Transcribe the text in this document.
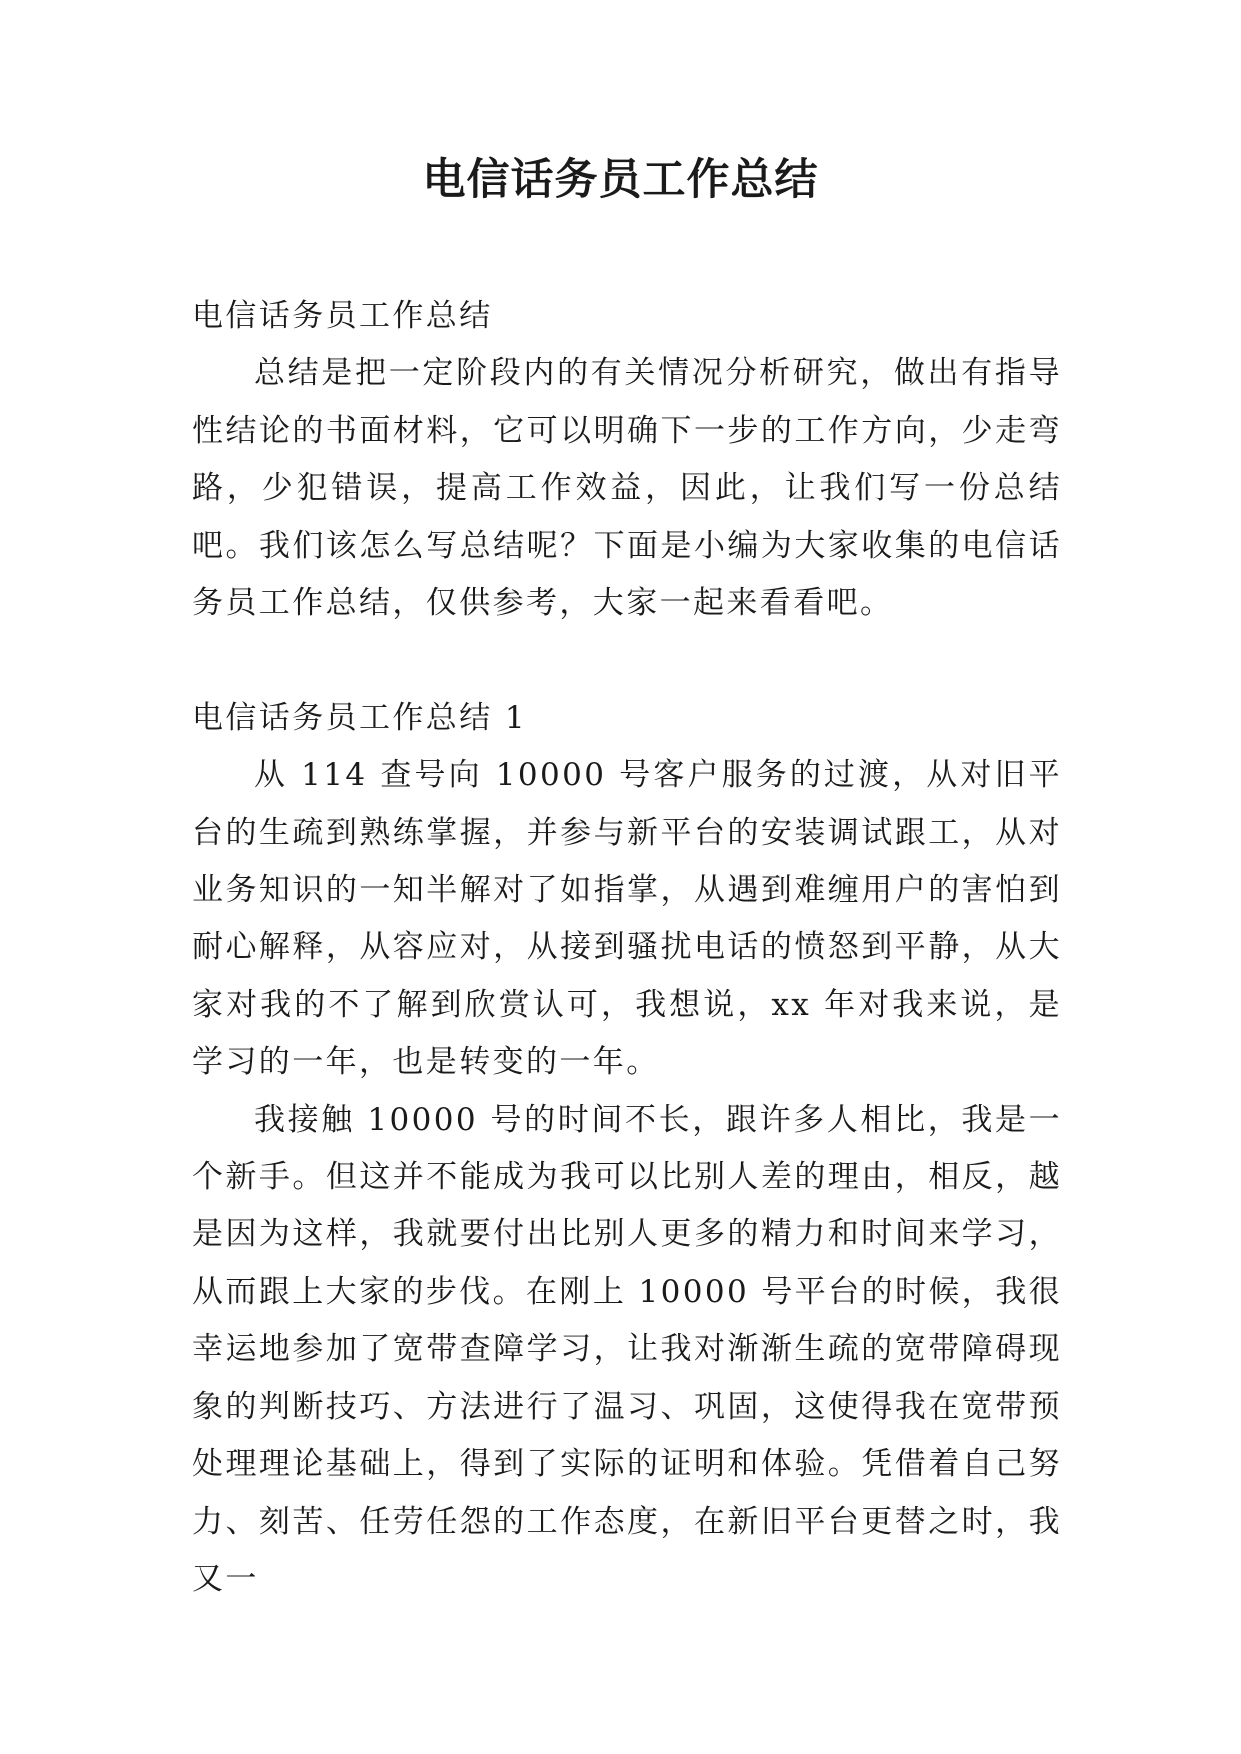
电信话务员工作总结

电信话务员工作总结

总结是把一定阶段内的有关情况分析研究，做出有指导性结论的书面材料，它可以明确下一步的工作方向，少走弯路，少犯错误，提高工作效益，因此，让我们写一份总结吧。我们该怎么写总结呢？下面是小编为大家收集的电信话务员工作总结，仅供参考，大家一起来看看吧。

电信话务员工作总结 1

从 114 查号向 10000 号客户服务的过渡，从对旧平台的生疏到熟练掌握，并参与新平台的安装调试跟工，从对业务知识的一知半解对了如指掌，从遇到难缠用户的害怕到耐心解释，从容应对，从接到骚扰电话的愤怒到平静，从大家对我的不了解到欣赏认可，我想说，xx 年对我来说，是学习的一年，也是转变的一年。

我接触 10000 号的时间不长，跟许多人相比，我是一个新手。但这并不能成为我可以比别人差的理由，相反，越是因为这样，我就要付出比别人更多的精力和时间来学习，从而跟上大家的步伐。在刚上 10000 号平台的时候，我很幸运地参加了宽带查障学习，让我对渐渐生疏的宽带障碍现象的判断技巧、方法进行了温习、巩固，这使得我在宽带预处理理论基础上，得到了实际的证明和体验。凭借着自己努力、刻苦、任劳任怨的工作态度，在新旧平台更替之时，我又一
